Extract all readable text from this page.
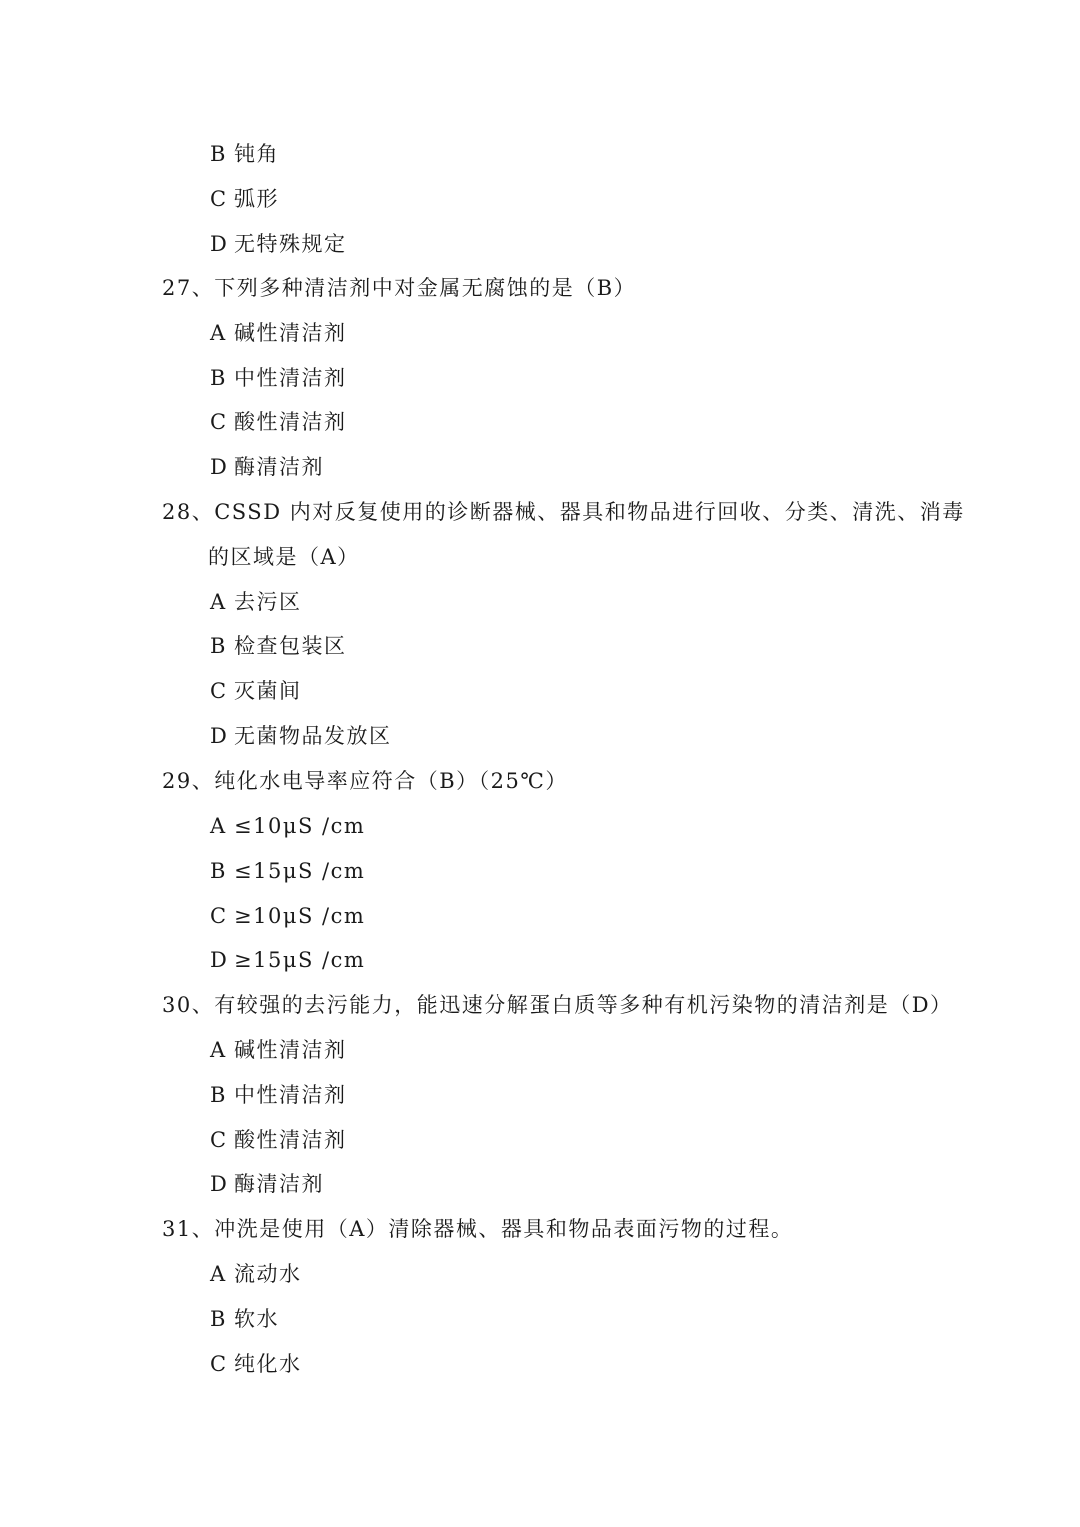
B 钝角
C 弧形
D 无特殊规定
27、下列多种清洁剂中对金属无腐蚀的是（B）
A 碱性清洁剂
B 中性清洁剂
C 酸性清洁剂
D 酶清洁剂
28、CSSD 内对反复使用的诊断器械、器具和物品进行回收、分类、清洗、消毒
的区域是（A）
A 去污区
B 检查包装区
C 灭菌间
D 无菌物品发放区
29、纯化水电导率应符合（B）（25℃）
A ≤10μS /cm
B ≤15μS /cm
C ≥10μS /cm
D ≥15μS /cm
30、有较强的去污能力，能迅速分解蛋白质等多种有机污染物的清洁剂是（D）
A 碱性清洁剂
B 中性清洁剂
C 酸性清洁剂
D 酶清洁剂
31、冲洗是使用（A）清除器械、器具和物品表面污物的过程。
A 流动水
B 软水
C 纯化水
